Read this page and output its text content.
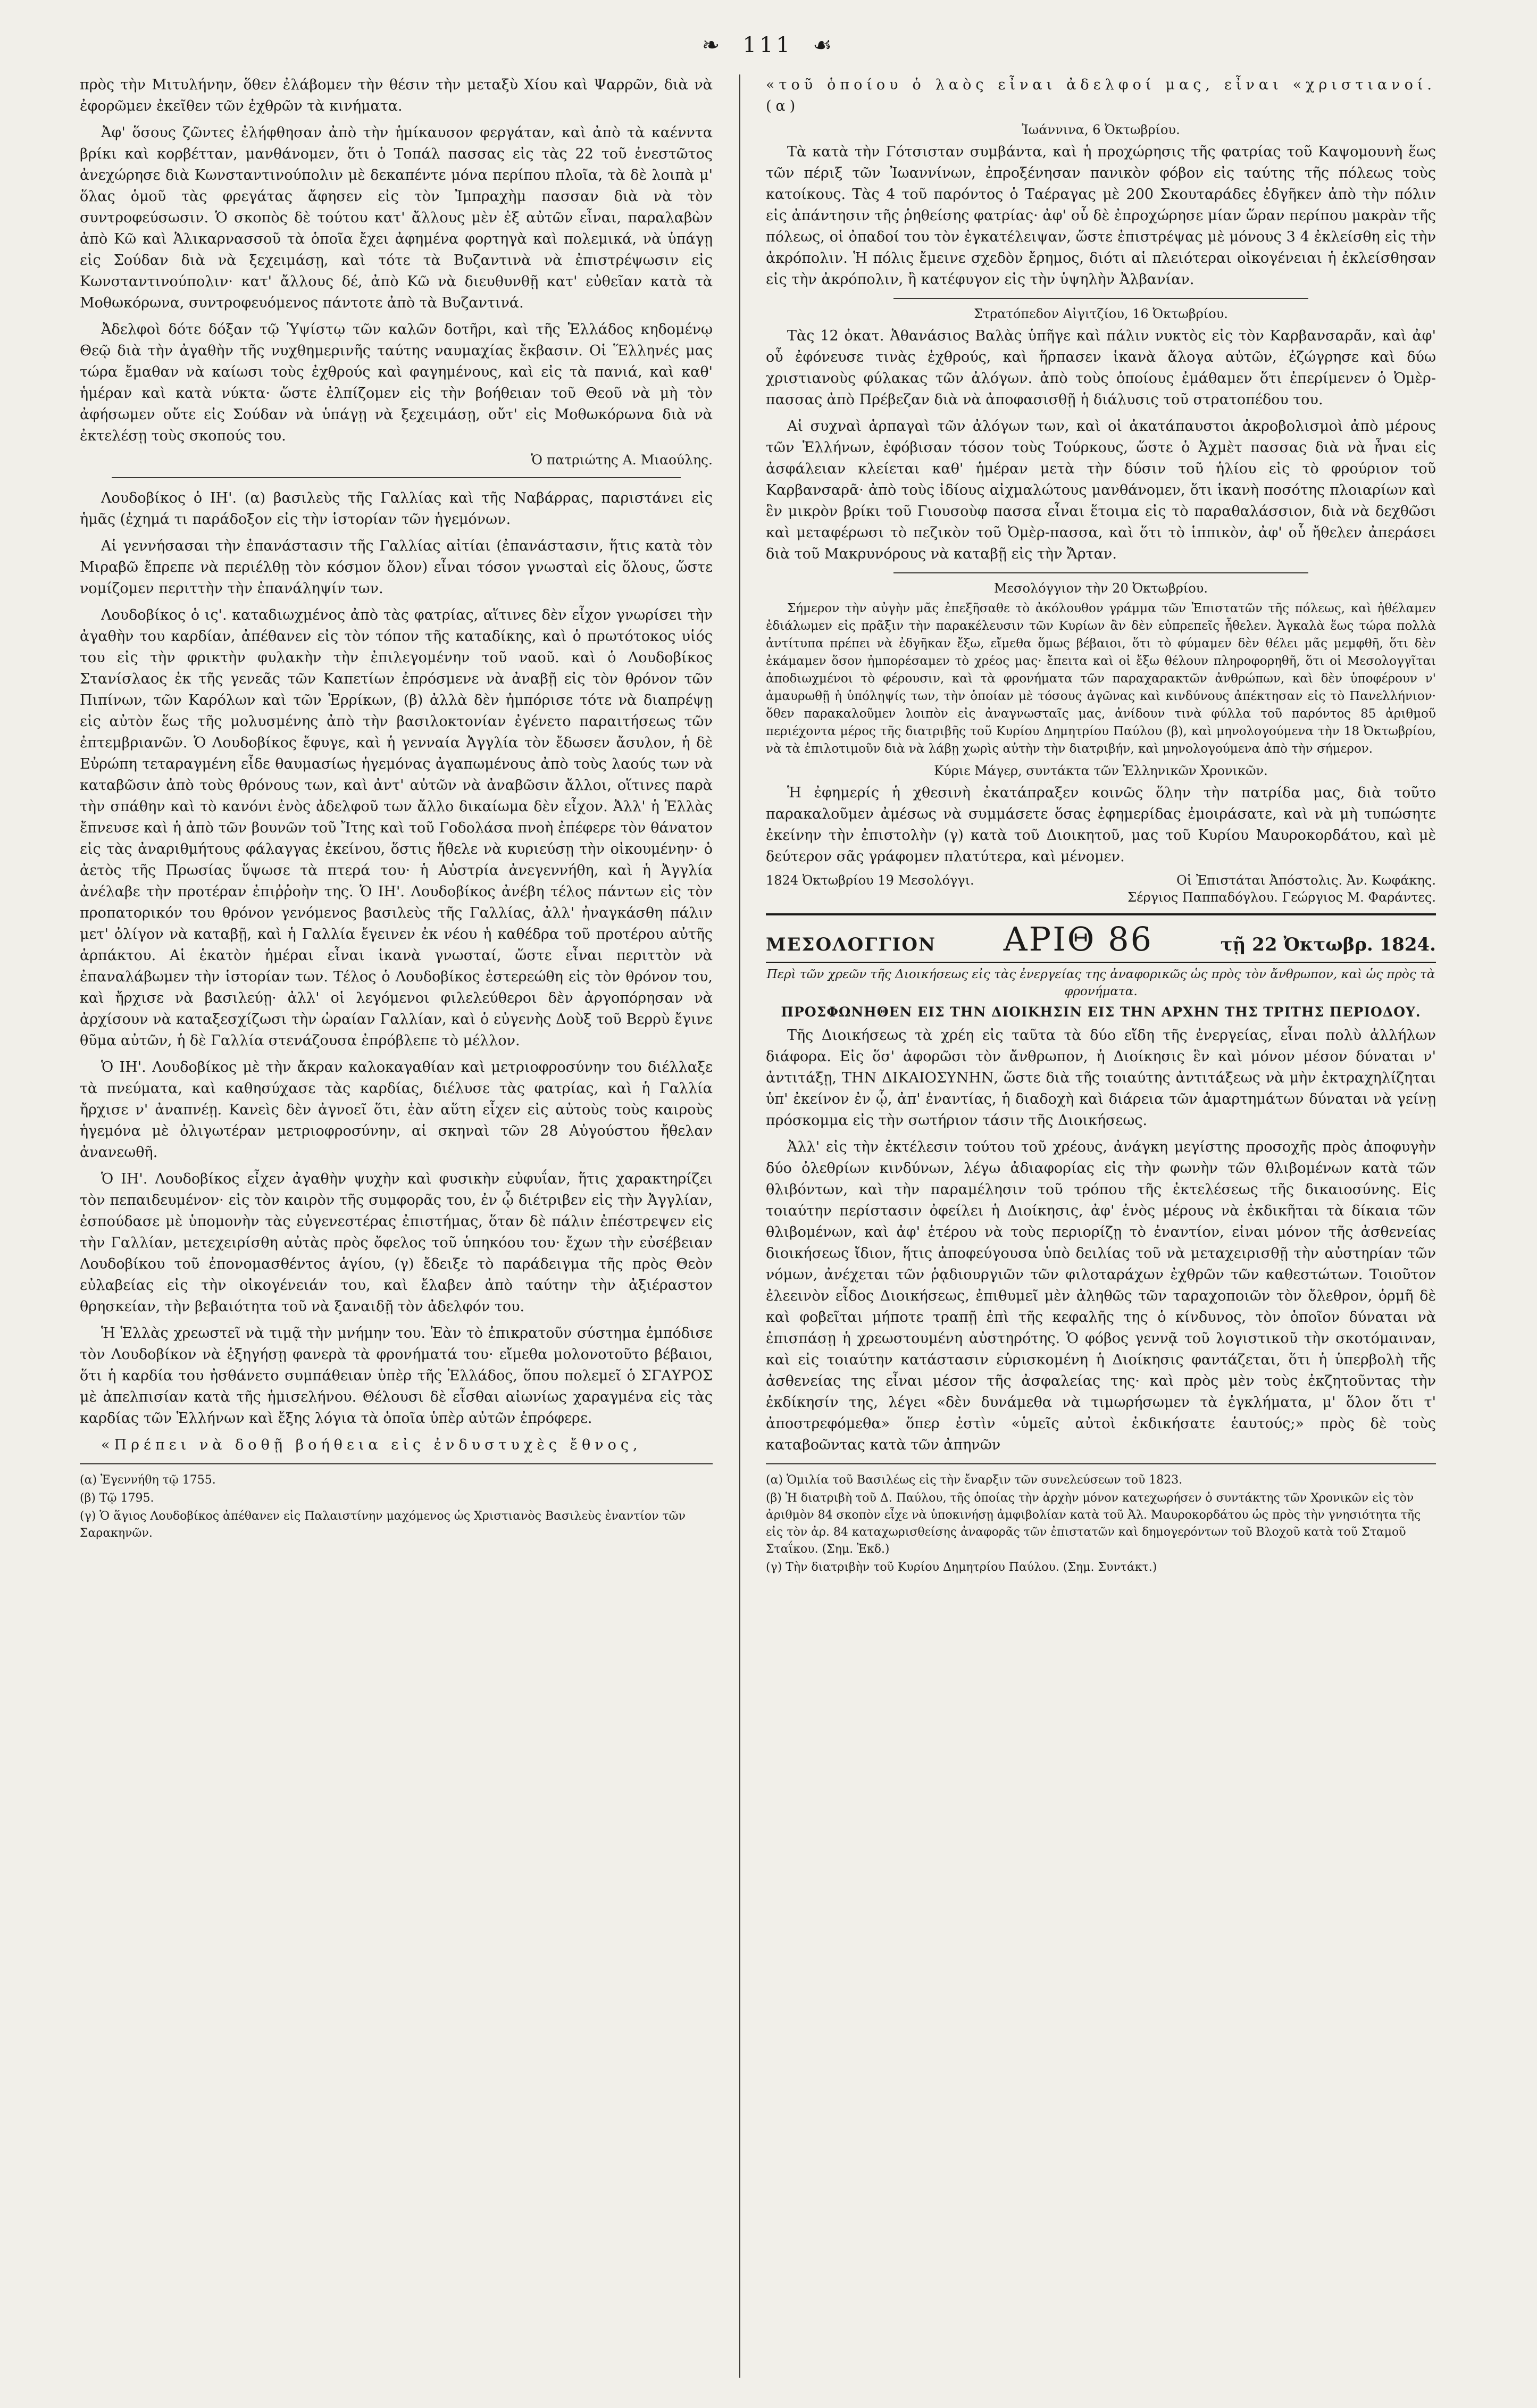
❧ 111 ☙

πρὸς τὴν Μιτυλήνην, ὅθεν ἐλάβομεν τὴν θέσιν τὴν μεταξὺ Χίου καὶ Ψαρρῶν, διὰ νὰ ἐφορῶμεν ἐκεῖθεν τῶν ἐχθρῶν τὰ κινήματα.

Ἀφ' ὅσους ζῶντες ἐλήφθησαν ἀπὸ τὴν ἡμίκαυσον φεργάταν, καὶ ἀπὸ τὰ καένντα βρίκι καὶ κορβέτταν, μανθάνομεν, ὅτι ὁ Τοπάλ πασσας εἰς τὰς 22 τοῦ ἐνεστῶτος ἀνεχώρησε διὰ Κωνσταντινούπολιν μὲ δεκαπέντε μόνα περίπου πλοῖα, τὰ δὲ λοιπὰ μ' ὅλας ὁμοῦ τὰς φρεγάτας ἄφησεν εἰς τὸν Ἰμπραχὴμ πασσαν διὰ νὰ τὸν συντροφεύσωσιν. Ὁ σκοπὸς δὲ τούτου κατ' ἄλλους μὲν ἐξ αὐτῶν εἶναι, παραλαβὼν ἀπὸ Κῶ καὶ Ἁλικαρνασσοῦ τὰ ὁποῖα ἔχει ἀφημένα φορτηγὰ καὶ πολεμικά, νὰ ὑπάγῃ εἰς Σούδαν διὰ νὰ ξεχειμάσῃ, καὶ τότε τὰ Βυζαντινὰ νὰ ἐπιστρέψωσιν εἰς Κωνσταντινούπολιν· κατ' ἄλλους δέ, ἀπὸ Κῶ νὰ διευθυνθῇ κατ' εὐθεῖαν κατὰ τὰ Μοθωκόρωνα, συντροφευόμενος πάντοτε ἀπὸ τὰ Βυζαντινά.

Ἀδελφοὶ δότε δόξαν τῷ Ὑψίστῳ τῶν καλῶν δοτῆρι, καὶ τῆς Ἑλλάδος κηδομένῳ Θεῷ διὰ τὴν ἀγαθὴν τῆς νυχθημερινῆς ταύτης ναυμαχίας ἔκβασιν. Οἱ Ἕλληνές μας τώρα ἔμαθαν νὰ καίωσι τοὺς ἐχθρούς καὶ φαγημένους, καὶ εἰς τὰ πανιά, καὶ καθ' ἡμέραν καὶ κατὰ νύκτα· ὥστε ἐλπίζομεν εἰς τὴν βοήθειαν τοῦ Θεοῦ νὰ μὴ τὸν ἀφήσωμεν οὔτε εἰς Σούδαν νὰ ὑπάγῃ νὰ ξεχειμάσῃ, οὔτ' εἰς Μοθωκόρωνα διὰ νὰ ἐκτελέσῃ τοὺς σκοπούς του.

Ὁ πατριώτης Α. Μιαούλης.

Λουδοβίκος ὁ ΙΗ'. (α) βασιλεὺς τῆς Γαλλίας καὶ τῆς Ναβάρρας, παριστάνει εἰς ἡμᾶς (ἐχημά τι παράδοξον εἰς τὴν ἱστορίαν τῶν ἡγεμόνων.

Αἱ γεννήσασαι τὴν ἐπανάστασιν τῆς Γαλλίας αἰτίαι (ἐπανάστασιν, ἥτις κατὰ τὸν Μιραβῶ ἔπρεπε νὰ περιέλθῃ τὸν κόσμον ὅλον) εἶναι τόσον γνωσταὶ εἰς ὅλους, ὥστε νομίζομεν περιττὴν τὴν ἐπανάληψίν των.

Λουδοβίκος ὁ ις'. καταδιωχμένος ἀπὸ τὰς φατρίας, αἵτινες δὲν εἶχον γνωρίσει τὴν ἀγαθὴν του καρδίαν, ἀπέθανεν εἰς τὸν τόπον τῆς καταδίκης, καὶ ὁ πρωτότοκος υἱός του εἰς τὴν φρικτὴν φυλακὴν τὴν ἐπιλεγομένην τοῦ ναοῦ. καὶ ὁ Λουδοβίκος Στανίσλαος ἐκ τῆς γενεᾶς τῶν Καπετίων ἐπρόσμενε νὰ ἀναβῇ εἰς τὸν θρόνον τῶν Πιπίνων, τῶν Καρόλων καὶ τῶν Ἑρρίκων, (β) ἀλλὰ δὲν ἠμπόρισε τότε νὰ διαπρέψῃ εἰς αὐτὸν ἕως τῆς μολυσμένης ἀπὸ τὴν βασιλοκτονίαν ἐγένετο παραιτήσεως τῶν ἐπτεμβριανῶν. Ὁ Λουδοβίκος ἔφυγε, καὶ ἡ γενναία Ἀγγλία τὸν ἔδωσεν ἄσυλον, ἡ δὲ Εὐρώπη τεταραγμένη εἶδε θαυμασίως ἡγεμόνας ἀγαπωμένους ἀπὸ τοὺς λαούς των νὰ καταβῶσιν ἀπὸ τοὺς θρόνους των, καὶ ἀντ' αὐτῶν νὰ ἀναβῶσιν ἄλλοι, οἵτινες παρὰ τὴν σπάθην καὶ τὸ κανόνι ἐνὸς ἀδελφοῦ των ἄλλο δικαίωμα δὲν εἶχον. Ἀλλ' ἡ Ἑλλὰς ἔπνευσε καὶ ἡ ἀπὸ τῶν βουνῶν τοῦ Ἴτης καὶ τοῦ Γοδολάσα πνοὴ ἐπέφερε τὸν θάνατον εἰς τὰς ἀναριθμήτους φάλαγγας ἐκείνου, ὅστις ἤθελε νὰ κυριεύσῃ τὴν οἰκουμένην· ὁ ἀετὸς τῆς Πρωσίας ὕψωσε τὰ πτερά του· ἡ Αὐστρία ἀνεγεννήθη, καὶ ἡ Ἀγγλία ἀνέλαβε τὴν προτέραν ἐπιῤῥοὴν της. Ὁ ΙΗ'. Λουδοβίκος ἀνέβη τέλος πάντων εἰς τὸν προπατορικόν του θρόνον γενόμενος βασιλεὺς τῆς Γαλλίας, ἀλλ' ἠναγκάσθη πάλιν μετ' ὀλίγον νὰ καταβῇ, καὶ ἡ Γαλλία ἔγεινεν ἐκ νέου ἡ καθέδρα τοῦ προτέρου αὐτῆς ἁρπάκτου. Αἱ ἑκατὸν ἡμέραι εἶναι ἱκανὰ γνωσταί, ὥστε εἶναι περιττὸν νὰ ἐπαναλάβωμεν τὴν ἱστορίαν των. Τέλος ὁ Λουδοβίκος ἐστερεώθη εἰς τὸν θρόνον του, καὶ ἤρχισε νὰ βασιλεύῃ· ἀλλ' οἱ λεγόμενοι φιλελεύθεροι δὲν ἀργοπόρησαν νὰ ἀρχίσουν νὰ καταξεσχίζωσι τὴν ὡραίαν Γαλλίαν, καὶ ὁ εὐγενὴς Δοὺξ τοῦ Βερρὺ ἔγινε θῦμα αὐτῶν, ἡ δὲ Γαλλία στενάζουσα ἐπρόβλεπε τὸ μέλλον.

Ὁ ΙΗ'. Λουδοβίκος μὲ τὴν ἄκραν καλοκαγαθίαν καὶ μετριοφροσύνην του διέλλαξε τὰ πνεύματα, καὶ καθησύχασε τὰς καρδίας, διέλυσε τὰς φατρίας, καὶ ἡ Γαλλία ἤρχισε ν' ἀναπνέῃ. Κανεὶς δὲν ἀγνοεῖ ὅτι, ἐὰν αὕτη εἶχεν εἰς αὐτοὺς τοὺς καιροὺς ἡγεμόνα μὲ ὀλιγωτέραν μετριοφροσύνην, αἱ σκηναὶ τῶν 28 Αὐγούστου ἤθελαν ἀνανεωθῆ.

Ὁ ΙΗ'. Λουδοβίκος εἶχεν ἀγαθὴν ψυχὴν καὶ φυσικὴν εὐφυΐαν, ἥτις χαρακτηρίζει τὸν πεπαιδευμένον· εἰς τὸν καιρὸν τῆς συμφορᾶς του, ἐν ᾧ διέτριβεν εἰς τὴν Ἀγγλίαν, ἐσπούδασε μὲ ὑπομονὴν τὰς εὐγενεστέρας ἐπιστήμας, ὅταν δὲ πάλιν ἐπέστρεψεν εἰς τὴν Γαλλίαν, μετεχειρίσθη αὐτὰς πρὸς ὄφελος τοῦ ὑπηκόου του· ἔχων τὴν εὐσέβειαν Λουδοβίκου τοῦ ἐπονομασθέντος ἁγίου, (γ) ἔδειξε τὸ παράδειγμα τῆς πρὸς Θεὸν εὐλαβείας εἰς τὴν οἰκογένειάν του, καὶ ἔλαβεν ἀπὸ ταύτην τὴν ἀξιέραστον θρησκείαν, τὴν βεβαιότητα τοῦ νὰ ξαναιδῇ τὸν ἀδελφόν του.

Ἡ Ἑλλὰς χρεωστεῖ νὰ τιμᾷ τὴν μνήμην του. Ἐὰν τὸ ἐπικρατοῦν σύστημα ἐμπόδισε τὸν Λουδοβίκον νὰ ἐξηγήσῃ φανερὰ τὰ φρονήματά του· εἴμεθα μολονοτοῦτο βέβαιοι, ὅτι ἡ καρδία του ἠσθάνετο συμπάθειαν ὑπὲρ τῆς Ἑλλάδος, ὅπου πολεμεῖ ὁ ΣΓΑΥΡΟΣ μὲ ἀπελπισίαν κατὰ τῆς ἡμισελήνου. Θέλουσι δὲ εἶσθαι αἰωνίως χαραγμένα εἰς τὰς καρδίας τῶν Ἑλλήνων καὶ ἔξης λόγια τὰ ὁποῖα ὑπὲρ αὐτῶν ἐπρόφερε.

«Πρέπει νὰ δοθῇ βοήθεια εἰς ἐνδυστυχὲς ἔθνος,

(α) Ἐγεννήθη τῷ 1755.
(β) Τῷ 1795.
(γ) Ὁ ἅγιος Λουδοβίκος ἀπέθανεν εἰς Παλαιστίνην μαχόμενος ὡς Χριστιανὸς Βασιλεὺς ἐναντίον τῶν Σαρακηνῶν.

«τοῦ ὁποίου ὁ λαὸς εἶναι ἀδελφοί μας, εἶναι «χριστιανοί.(α)

Ἰωάννινα, 6 Ὀκτωβρίου.

Τὰ κατὰ τὴν Γότσισταν συμβάντα, καὶ ἡ προχώρησις τῆς φατρίας τοῦ Καψομουνὴ ἕως τῶν πέριξ τῶν Ἰωαννίνων, ἐπροξένησαν πανικὸν φόβον εἰς ταύτης τῆς πόλεως τοὺς κατοίκους. Τὰς 4 τοῦ παρόντος ὁ Ταέραγας μὲ 200 Σκουταράδες ἐδγῆκεν ἀπὸ τὴν πόλιν εἰς ἀπάντησιν τῆς ῥηθείσης φατρίας· ἀφ' οὗ δὲ ἐπροχώρησε μίαν ὥραν περίπου μακρὰν τῆς πόλεως, οἱ ὀπαδοί του τὸν ἐγκατέλειψαν, ὥστε ἐπιστρέψας μὲ μόνους 3 4 ἐκλείσθη εἰς τὴν ἀκρόπολιν. Ἡ πόλις ἔμεινε σχεδὸν ἔρημος, διότι αἱ πλειότεραι οἰκογένειαι ἡ ἐκλείσθησαν εἰς τὴν ἀκρόπολιν, ἢ κατέφυγον εἰς τὴν ὑψηλὴν Ἀλβανίαν.

Στρατόπεδον Αἰγιτζίου, 16 Ὀκτωβρίου.

Τὰς 12 ὀκατ. Ἀθανάσιος Βαλὰς ὑπῆγε καὶ πάλιν νυκτὸς εἰς τὸν Καρβανσαρᾶν, καὶ ἀφ' οὗ ἐφόνευσε τινὰς ἐχθρούς, καὶ ἥρπασεν ἱκανὰ ἄλογα αὐτῶν, ἐζώγρησε καὶ δύω χριστιανοὺς φύλακας τῶν ἀλόγων. ἀπὸ τοὺς ὁποίους ἐμάθαμεν ὅτι ἐπερίμενεν ὁ Ὀμὲρ-πασσας ἀπὸ Πρέβεζαν διὰ νὰ ἀποφασισθῇ ἡ διάλυσις τοῦ στρατοπέδου του.

Αἱ συχναὶ ἁρπαγαὶ τῶν ἀλόγων των, καὶ οἱ ἀκατάπαυστοι ἀκροβολισμοὶ ἀπὸ μέρους τῶν Ἑλλήνων, ἐφόβισαν τόσον τοὺς Τούρκους, ὥστε ὁ Ἀχμὲτ πασσας διὰ νὰ ἦναι εἰς ἀσφάλειαν κλείεται καθ' ἡμέραν μετὰ τὴν δύσιν τοῦ ἡλίου εἰς τὸ φρούριον τοῦ Καρβανσαρᾶ· ἀπὸ τοὺς ἰδίους αἰχμαλώτους μανθάνομεν, ὅτι ἱκανὴ ποσότης πλοιαρίων καὶ ἓν μικρὸν βρίκι τοῦ Γιουσοὺφ πασσα εἶναι ἕτοιμα εἰς τὸ παραθαλάσσιον, διὰ νὰ δεχθῶσι καὶ μεταφέρωσι τὸ πεζικὸν τοῦ Ὀμὲρ-πασσα, καὶ ὅτι τὸ ἱππικὸν, ἀφ' οὗ ἤθελεν ἀπεράσει διὰ τοῦ Μακρυνόρους νὰ καταβῇ εἰς τὴν Ἄρταν.

Μεσολόγγιον τὴν 20 Ὀκτωβρίου.

Σήμερον τὴν αὐγὴν μᾶς ἐπεξῆσαθε τὸ ἀκόλουθον γράμμα τῶν Ἐπιστατῶν τῆς πόλεως, καὶ ἠθέλαμεν ἐδιάλωμεν εἰς πρᾶξιν τὴν παρακέλευσιν τῶν Κυρίων ἂν δὲν εὐπρεπεῖς ἦθελεν. Ἀγκαλὰ ἕως τώρα πολλὰ ἀντίτυπα πρέπει νὰ ἐδγῆκαν ἔξω, εἴμεθα ὅμως βέβαιοι, ὅτι τὸ φύμαμεν δὲν θέλει μᾶς μεμφθῆ, ὅτι δὲν ἐκάμαμεν ὅσον ἠμπορέσαμεν τὸ χρέος μας· ἔπειτα καὶ οἱ ἔξω θέλουν πληροφορηθῆ, ὅτι οἱ Μεσολογγῖται ἀποδιωχμένοι τὸ φέρουσιν, καὶ τὰ φρονήματα τῶν παραχαρακτῶν ἀνθρώπων, καὶ δὲν ὑποφέρουν ν' ἀμαυρωθῇ ἡ ὑπόληψίς των, τὴν ὁποίαν μὲ τόσους ἀγῶνας καὶ κινδύνους ἀπέκτησαν εἰς τὸ Πανελλήνιον· ὅθεν παρακαλοῦμεν λοιπὸν εἰς ἀναγνωσταῖς μας, ἀνίδουν τινὰ φύλλα τοῦ παρόντος 85 ἀριθμοῦ περιέχοντα μέρος τῆς διατριβῆς τοῦ Κυρίου Δημητρίου Παύλου (β), καὶ μηνολογούμενα τὴν 18 Ὀκτωβρίου, νὰ τὰ ἐπιλοτιμοῦν διὰ νὰ λάβῃ χωρὶς αὐτὴν τὴν διατριβήν, καὶ μηνολογούμενα ἀπὸ τὴν σήμερον.

Κύριε Μάγερ, συντάκτα τῶν Ἑλληνικῶν Χρονικῶν.

Ἡ ἐφημερίς ἡ χθεσινὴ ἐκατάπραξεν κοινῶς ὅλην τὴν πατρίδα μας, διὰ τοῦτο παρακαλοῦμεν ἀμέσως νὰ συμμάσετε ὅσας ἐφημερίδας ἐμοιράσατε, καὶ νὰ μὴ τυπώσητε ἐκείνην τὴν ἐπιστολὴν (γ) κατὰ τοῦ Διοικητοῦ, μας τοῦ Κυρίου Μαυροκορδάτου, καὶ μὲ δεύτερον σᾶς γράφομεν πλατύτερα, καὶ μένομεν.

1824 Ὀκτωβρίου 19 Μεσολόγγι.	Οἱ Ἐπιστάται Ἀπόστολις. Ἀν. Κωφάκης.
Σέργιος Παππαδόγλου. Γεώργιος Μ. Φαράντες.
ΜΕΣΟΛΟΓΓΙΟΝ ΑΡΙΘ 86	τῇ 22 Ὀκτωβρ. 1824.
Περὶ τῶν χρεῶν τῆς Διοικήσεως εἰς τὰς ἐνεργείας της ἀναφορικῶς ὡς πρὸς τὸν ἄνθρωπον, καὶ ὡς πρὸς τὰ φρονήματα.
ΠΡΟΣΦΩΝΗΘΕΝ ΕΙΣ ΤΗΝ ΔΙΟΙΚΗΣΙΝ ΕΙΣ ΤΗΝ ΑΡΧΗΝ ΤΗΣ ΤΡΙΤΗΣ ΠΕΡΙΟΔΟΥ.

Τῆς Διοικήσεως τὰ χρέη εἰς ταῦτα τὰ δύο εἴδη τῆς ἐνεργείας, εἶναι πολὺ ἀλλήλων διάφορα. Εἰς ὅσ' ἀφορῶσι τὸν ἄνθρωπον, ἡ Διοίκησις ἓν καὶ μόνον μέσον δύναται ν' ἀντιτάξῃ, ΤΗΝ ΔΙΚΑΙΟΣΥΝΗΝ, ὥστε διὰ τῆς τοιαύτης ἀντιτάξεως νὰ μὴν ἐκτραχηλίζηται ὑπ' ἐκείνον ἐν ᾧ, ἀπ' ἐναντίας, ἡ διαδοχὴ καὶ διάρεια τῶν ἁμαρτημάτων δύναται νὰ γείνῃ πρόσκομμα εἰς τὴν σωτήριον τάσιν τῆς Διοικήσεως.

Ἀλλ' εἰς τὴν ἐκτέλεσιν τούτου τοῦ χρέους, ἀνάγκη μεγίστης προσοχῆς πρὸς ἀποφυγὴν δύο ὀλεθρίων κινδύνων, λέγω ἀδιαφορίας εἰς τὴν φωνὴν τῶν θλιβομένων κατὰ τῶν θλιβόντων, καὶ τὴν παραμέλησιν τοῦ τρόπου τῆς ἐκτελέσεως τῆς δικαιοσύνης. Εἰς τοιαύτην περίστασιν ὀφείλει ἡ Διοίκησις, ἀφ' ἑνὸς μέρους νὰ ἐκδικῆται τὰ δίκαια τῶν θλιβομένων, καὶ ἀφ' ἑτέρου νὰ τοὺς περιορίζῃ τὸ ἐναντίον, εἰναι μόνον τῆς ἀσθενείας διοικήσεως ἴδιον, ἥτις ἀποφεύγουσα ὑπὸ δειλίας τοῦ νὰ μεταχειρισθῇ τὴν αὐστηρίαν τῶν νόμων, ἀνέχεται τῶν ῥᾳδιουργιῶν τῶν φιλοταράχων ἐχθρῶν τῶν καθεστώτων. Τοιοῦτον ἐλεεινὸν εἶδος Διοικήσεως, ἐπιθυμεῖ μὲν ἀληθῶς τῶν ταραχοποιῶν τὸν ὄλεθρον, ὁρμῆ δὲ καὶ φοβεῖται μήποτε τραπῇ ἐπὶ τῆς κεφαλῆς της ὁ κίνδυνος, τὸν ὁποῖον δύναται νὰ ἐπισπάσῃ ἡ χρεωστουμένη αὐστηρότης. Ὁ φόβος γεννᾷ τοῦ λογιστικοῦ τὴν σκοτόμαιναν, καὶ εἰς τοιαύτην κατάστασιν εὑρισκομένη ἡ Διοίκησις φαντάζεται, ὅτι ἡ ὑπερβολὴ τῆς ἀσθενείας της εἶναι μέσον τῆς ἀσφαλείας της· καὶ πρὸς μὲν τοὺς ἐκζητοῦντας τὴν ἐκδίκησίν της, λέγει «δὲν δυνάμεθα νὰ τιμωρήσωμεν τὰ ἐγκλήματα, μ' ὅλον ὅτι τ' ἀποστρεφόμεθα» ὅπερ ἐστὶν «ὑμεῖς αὐτοὶ ἐκδικήσατε ἑαυτούς;» πρὸς δὲ τοὺς καταβοῶντας κατὰ τῶν ἀπηνῶν

(α) Ὁμιλία τοῦ Βασιλέως εἰς τὴν ἔναρξιν τῶν συνελεύσεων τοῦ 1823.
(β) Ἡ διατριβὴ τοῦ Δ. Παύλου, τῆς ὁποίας τὴν ἀρχὴν μόνον κατεχωρήσεν ὁ συντάκτης τῶν Χρονικῶν εἰς τὸν ἀριθμὸν 84 σκοπὸν εἶχε νὰ ὑποκινήσῃ ἀμφιβολίαν κατὰ τοῦ Ἀλ. Μαυροκορδάτου ὡς πρὸς τὴν γνησιότητα τῆς εἰς τὸν ἀρ. 84 καταχωρισθείσης ἀναφορᾶς τῶν ἐπιστατῶν καὶ δημογερόντων τοῦ Βλοχοῦ κατὰ τοῦ Σταμοῦ Σταΐκου. (Σημ. Ἐκδ.)
(γ) Τὴν διατριβὴν τοῦ Κυρίου Δημητρίου Παύλου. (Σημ. Συντάκτ.)
